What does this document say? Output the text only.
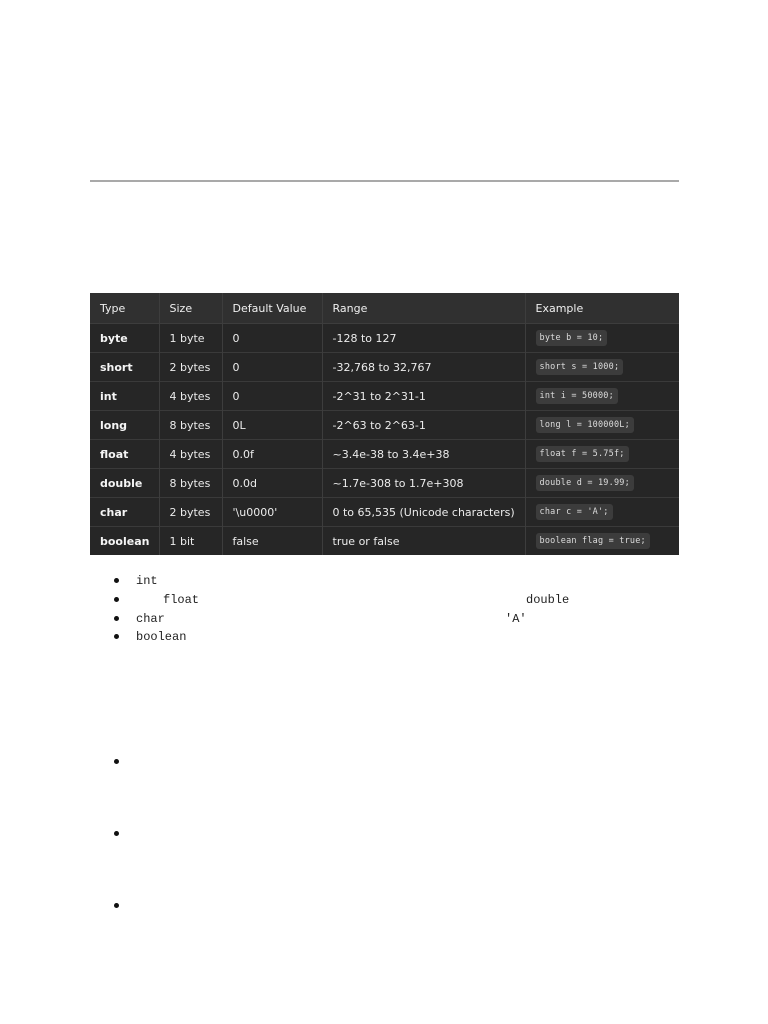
Type	Size	Default Value	Range	Example
byte	1 byte	0	-128 to 127	byte b = 10;
short	2 bytes	0	-32,768 to 32,767	short s = 1000;
int	4 bytes	0	-2^31 to 2^31-1	int i = 50000;
long	8 bytes	0L	-2^63 to 2^63-1	long l = 100000L;
float	4 bytes	0.0f	~3.4e-38 to 3.4e+38	float f = 5.75f;
double	8 bytes	0.0d	~1.7e-308 to 1.7e+308	double d = 19.99;
char	2 bytes	'\u0000'	0 to 65,535 (Unicode characters)	char c = 'A';
boolean	1 bit	false	true or false	boolean flag = true;
int
float	double
char	'A'
boolean
